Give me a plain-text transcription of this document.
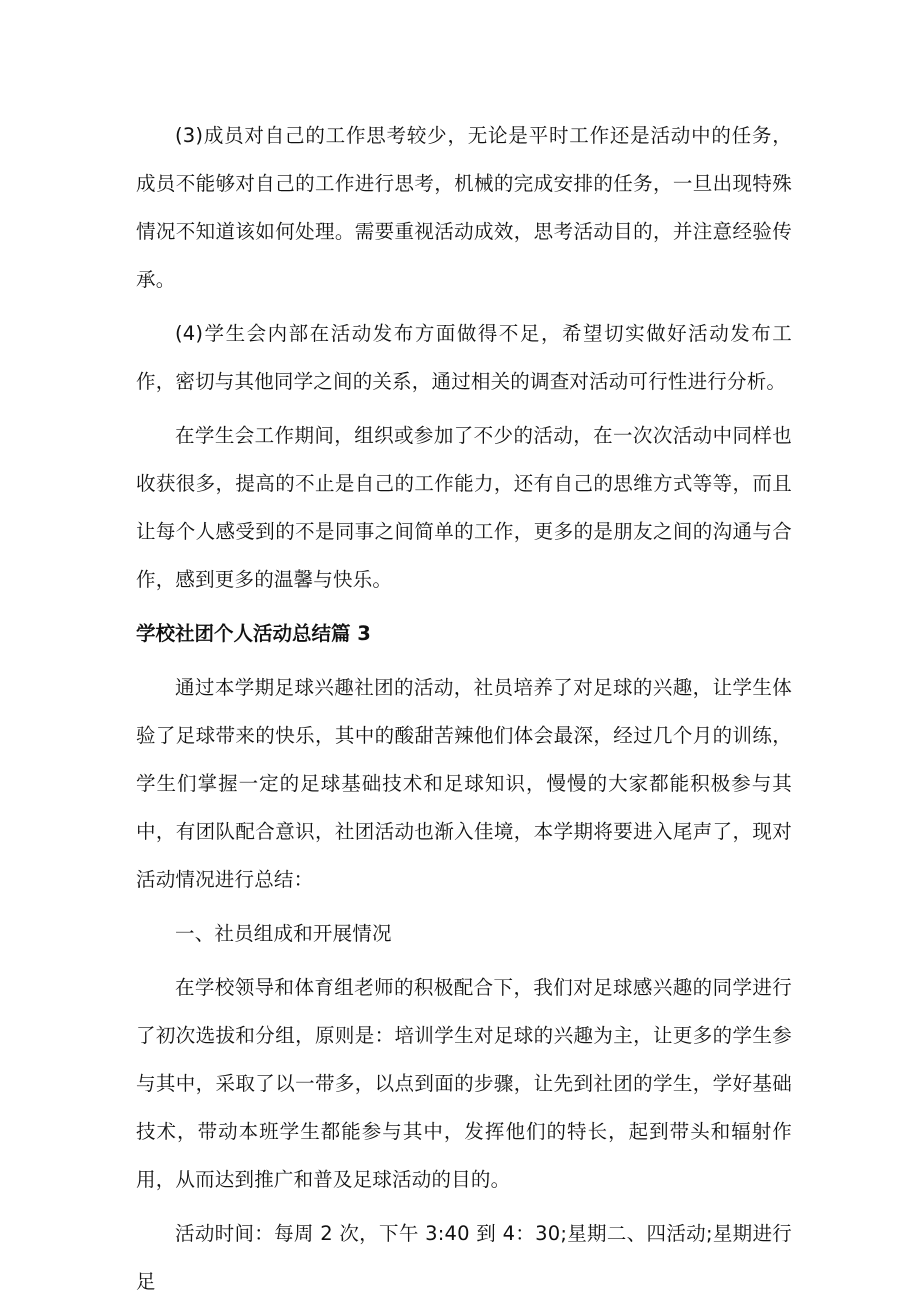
(3)成员对自己的工作思考较少，无论是平时工作还是活动中的任务，成员不能够对自己的工作进行思考，机械的完成安排的任务，一旦出现特殊情况不知道该如何处理。需要重视活动成效，思考活动目的，并注意经验传承。

(4)学生会内部在活动发布方面做得不足，希望切实做好活动发布工作，密切与其他同学之间的关系，通过相关的调查对活动可行性进行分析。

在学生会工作期间，组织或参加了不少的活动，在一次次活动中同样也收获很多，提高的不止是自己的工作能力，还有自己的思维方式等等，而且让每个人感受到的不是同事之间简单的工作，更多的是朋友之间的沟通与合作，感到更多的温馨与快乐。

学校社团个人活动总结篇 3

通过本学期足球兴趣社团的活动，社员培养了对足球的兴趣，让学生体验了足球带来的快乐，其中的酸甜苦辣他们体会最深，经过几个月的训练，学生们掌握一定的足球基础技术和足球知识，慢慢的大家都能积极参与其中，有团队配合意识，社团活动也渐入佳境，本学期将要进入尾声了，现对活动情况进行总结：

一、社员组成和开展情况

在学校领导和体育组老师的积极配合下，我们对足球感兴趣的同学进行了初次选拔和分组，原则是：培训学生对足球的兴趣为主，让更多的学生参与其中，采取了以一带多，以点到面的步骤，让先到社团的学生，学好基础技术，带动本班学生都能参与其中，发挥他们的特长，起到带头和辐射作用，从而达到推广和普及足球活动的目的。

活动时间：每周 2 次，下午 3:40 到 4：30;星期二、四活动;星期进行足
